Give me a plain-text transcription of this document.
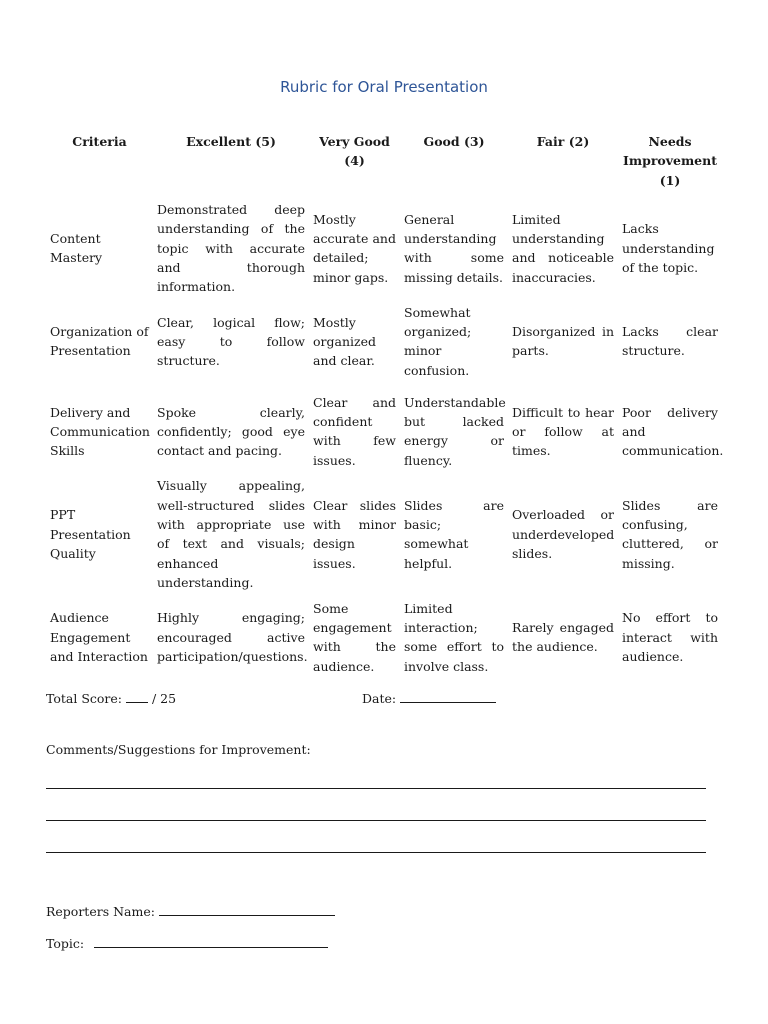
Rubric for Oral Presentation
Criteria	Excellent (5)	Very Good (4)	Good (3)	Fair (2)	Needs Improvement (1)
Content Mastery	Demonstrated deep understanding of the topic with accurate and thorough information.	Mostly accurate and detailed; minor gaps.	General understanding with some missing details.	Limited understanding and noticeable inaccuracies.	Lacks understanding of the topic.
Organization of Presentation	Clear, logical flow; easy to follow structure.	Mostly organized and clear.	Somewhat organized; minor confusion.	Disorganized in parts.	Lacks clear structure.
Delivery and Communication Skills	Spoke clearly, confidently; good eye contact and pacing.	Clear and confident with few issues.	Understandable but lacked energy or fluency.	Difficult to hear or follow at times.	Poor delivery and communication.
PPT Presentation Quality	Visually appealing, well-structured slides with appropriate use of text and visuals; enhanced understanding.	Clear slides with minor design issues.	Slides are basic; somewhat helpful.	Overloaded or underdeveloped slides.	Slides are confusing, cluttered, or missing.
Audience Engagement and Interaction	Highly engaging; encouraged active participation/questions.	Some engagement with the audience.	Limited interaction; some effort to involve class.	Rarely engaged the audience.	No effort to interact with audience.
Total Score: / 25	Date:
Comments/Suggestions for Improvement:
Reporters Name:
Topic:
